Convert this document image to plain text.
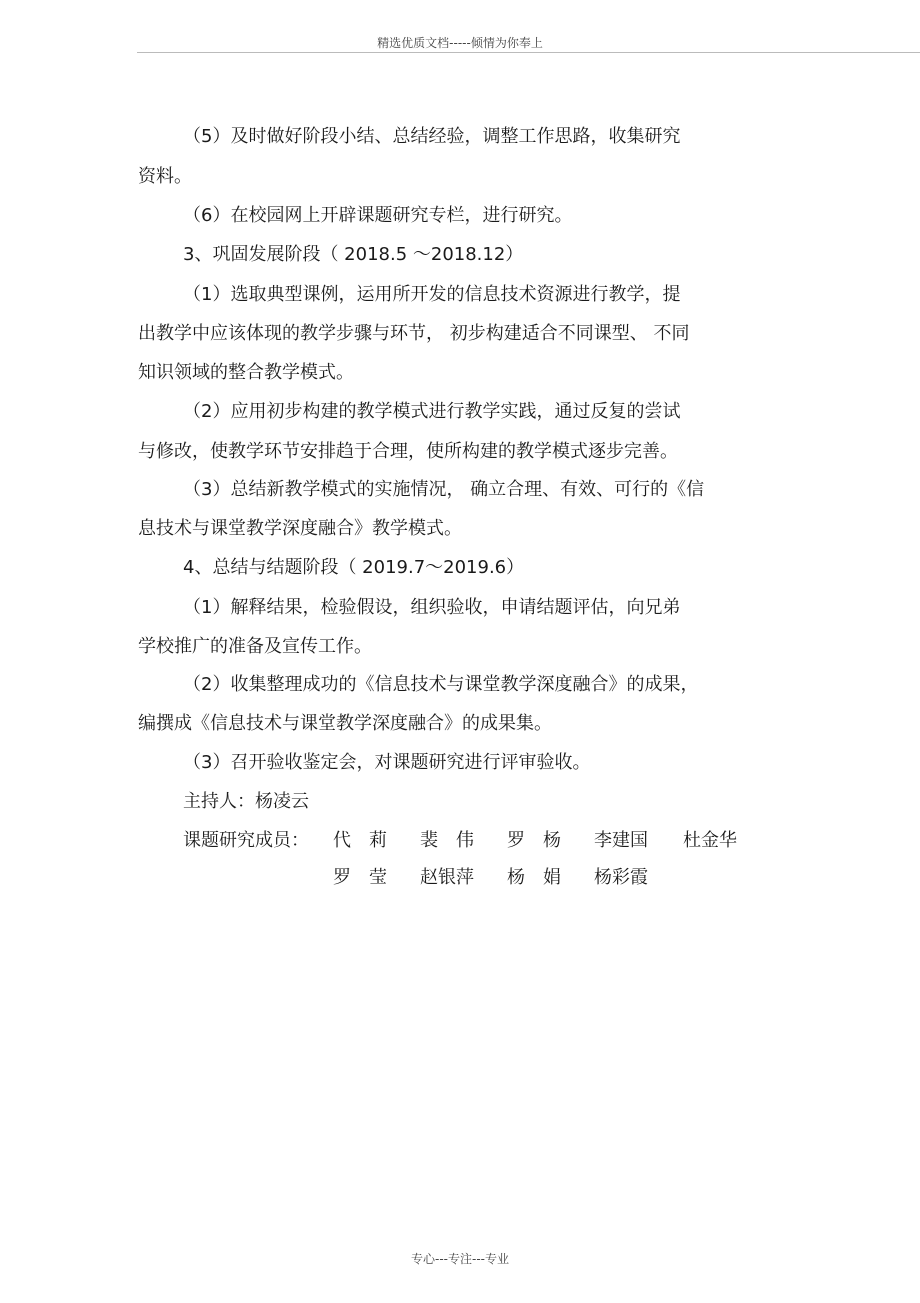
精选优质文档-----倾情为你奉上
（5）及时做好阶段小结、总结经验，调整工作思路，收集研究
资料。
（6）在校园网上开辟课题研究专栏，进行研究。
3、巩固发展阶段（ 2018.5 ～2018.12）
（1）选取典型课例，运用所开发的信息技术资源进行教学，提
出教学中应该体现的教学步骤与环节， 初步构建适合不同课型、 不同
知识领域的整合教学模式。
（2）应用初步构建的教学模式进行教学实践，通过反复的尝试
与修改，使教学环节安排趋于合理，使所构建的教学模式逐步完善。
（3）总结新教学模式的实施情况， 确立合理、有效、可行的《信
息技术与课堂教学深度融合》教学模式。
4、总结与结题阶段（ 2019.7～2019.6）
（1）解释结果，检验假设，组织验收，申请结题评估，向兄弟
学校推广的准备及宣传工作。
（2）收集整理成功的《信息技术与课堂教学深度融合》的成果，
编撰成《信息技术与课堂教学深度融合》的成果集。
（3）召开验收鉴定会，对课题研究进行评审验收。
主持人：杨凌云
课题研究成员： 代　莉 裴　伟 罗　杨 李建国 杜金华
罗　莹 赵银萍 杨　娟 杨彩霞
专心---专注---专业
